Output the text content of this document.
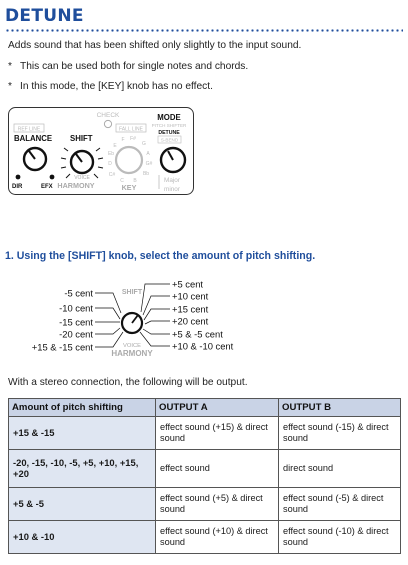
DETUNE
Adds sound that has been shifted only slightly to the input sound.
* This can be used both for single notes and chords.
* In this mode, the [KEY] knob has no effect.
CHECK
REF LINE	FALL LINE
BALANCE
DIR	EFX
SHIFT
VOICE
HARMONY
E
F F#
G
Eb
D
C#
C B
Bb
G#
A
KEY
MODE
PITCH SHIFTER
DETUNE
S-BEND
Major
minor
1. Using the [SHIFT] knob, select the amount of pitch shifting.
SHIFT
VOICE
HARMONY
-5 cent
-10 cent
-15 cent
-20 cent
+15 & -15 cent
+5 cent
+10 cent
+15 cent
+20 cent
+5 & -5 cent
+10 & -10 cent
With a stereo connection, the following will be output.
Amount of pitch shifting	OUTPUT A	OUTPUT B
+15 & -15	effect sound (+15) & direct sound	effect sound (-15) & direct sound
-20, -15, -10, -5, +5, +10, +15, +20	effect sound	direct sound
+5 & -5	effect sound (+5) & direct sound	effect sound (-5) & direct sound
+10 & -10	effect sound (+10) & direct sound	effect sound (-10) & direct sound
